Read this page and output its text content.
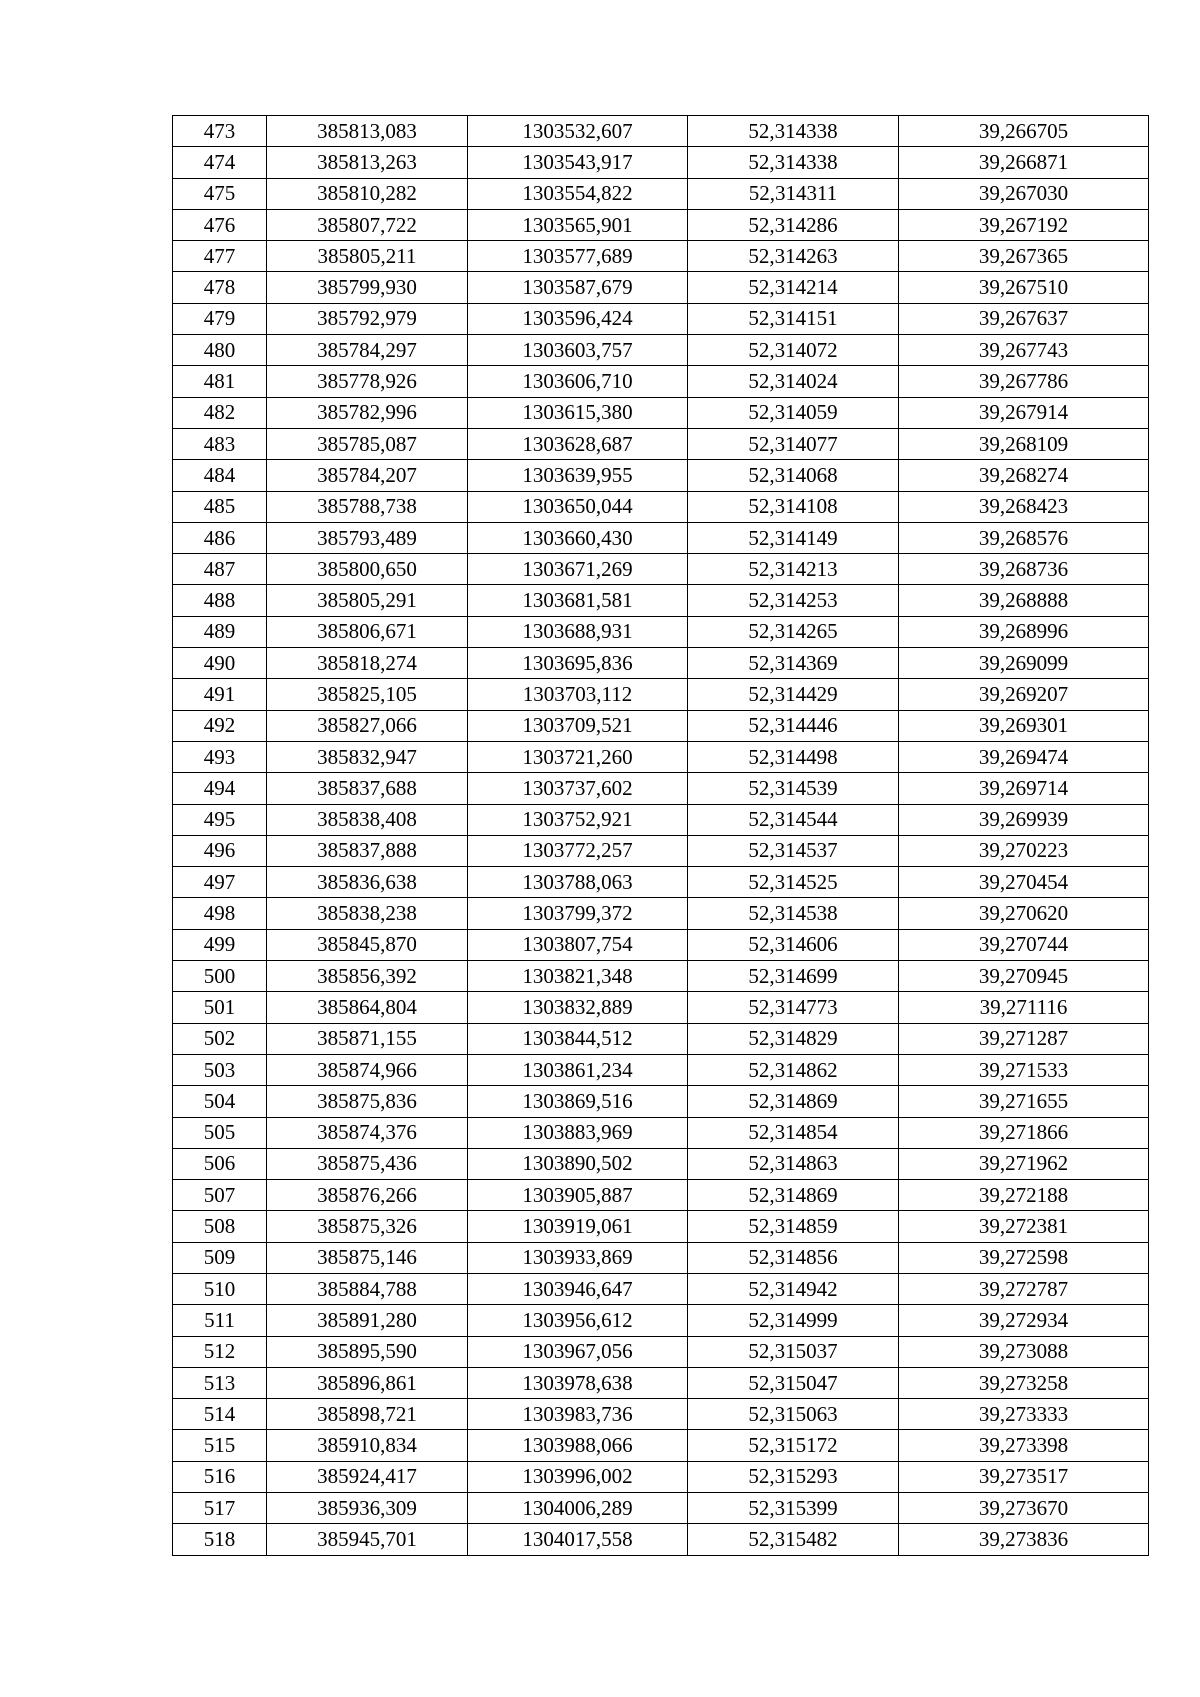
473	385813,083	1303532,607	52,314338	39,266705
474	385813,263	1303543,917	52,314338	39,266871
475	385810,282	1303554,822	52,314311	39,267030
476	385807,722	1303565,901	52,314286	39,267192
477	385805,211	1303577,689	52,314263	39,267365
478	385799,930	1303587,679	52,314214	39,267510
479	385792,979	1303596,424	52,314151	39,267637
480	385784,297	1303603,757	52,314072	39,267743
481	385778,926	1303606,710	52,314024	39,267786
482	385782,996	1303615,380	52,314059	39,267914
483	385785,087	1303628,687	52,314077	39,268109
484	385784,207	1303639,955	52,314068	39,268274
485	385788,738	1303650,044	52,314108	39,268423
486	385793,489	1303660,430	52,314149	39,268576
487	385800,650	1303671,269	52,314213	39,268736
488	385805,291	1303681,581	52,314253	39,268888
489	385806,671	1303688,931	52,314265	39,268996
490	385818,274	1303695,836	52,314369	39,269099
491	385825,105	1303703,112	52,314429	39,269207
492	385827,066	1303709,521	52,314446	39,269301
493	385832,947	1303721,260	52,314498	39,269474
494	385837,688	1303737,602	52,314539	39,269714
495	385838,408	1303752,921	52,314544	39,269939
496	385837,888	1303772,257	52,314537	39,270223
497	385836,638	1303788,063	52,314525	39,270454
498	385838,238	1303799,372	52,314538	39,270620
499	385845,870	1303807,754	52,314606	39,270744
500	385856,392	1303821,348	52,314699	39,270945
501	385864,804	1303832,889	52,314773	39,271116
502	385871,155	1303844,512	52,314829	39,271287
503	385874,966	1303861,234	52,314862	39,271533
504	385875,836	1303869,516	52,314869	39,271655
505	385874,376	1303883,969	52,314854	39,271866
506	385875,436	1303890,502	52,314863	39,271962
507	385876,266	1303905,887	52,314869	39,272188
508	385875,326	1303919,061	52,314859	39,272381
509	385875,146	1303933,869	52,314856	39,272598
510	385884,788	1303946,647	52,314942	39,272787
511	385891,280	1303956,612	52,314999	39,272934
512	385895,590	1303967,056	52,315037	39,273088
513	385896,861	1303978,638	52,315047	39,273258
514	385898,721	1303983,736	52,315063	39,273333
515	385910,834	1303988,066	52,315172	39,273398
516	385924,417	1303996,002	52,315293	39,273517
517	385936,309	1304006,289	52,315399	39,273670
518	385945,701	1304017,558	52,315482	39,273836
